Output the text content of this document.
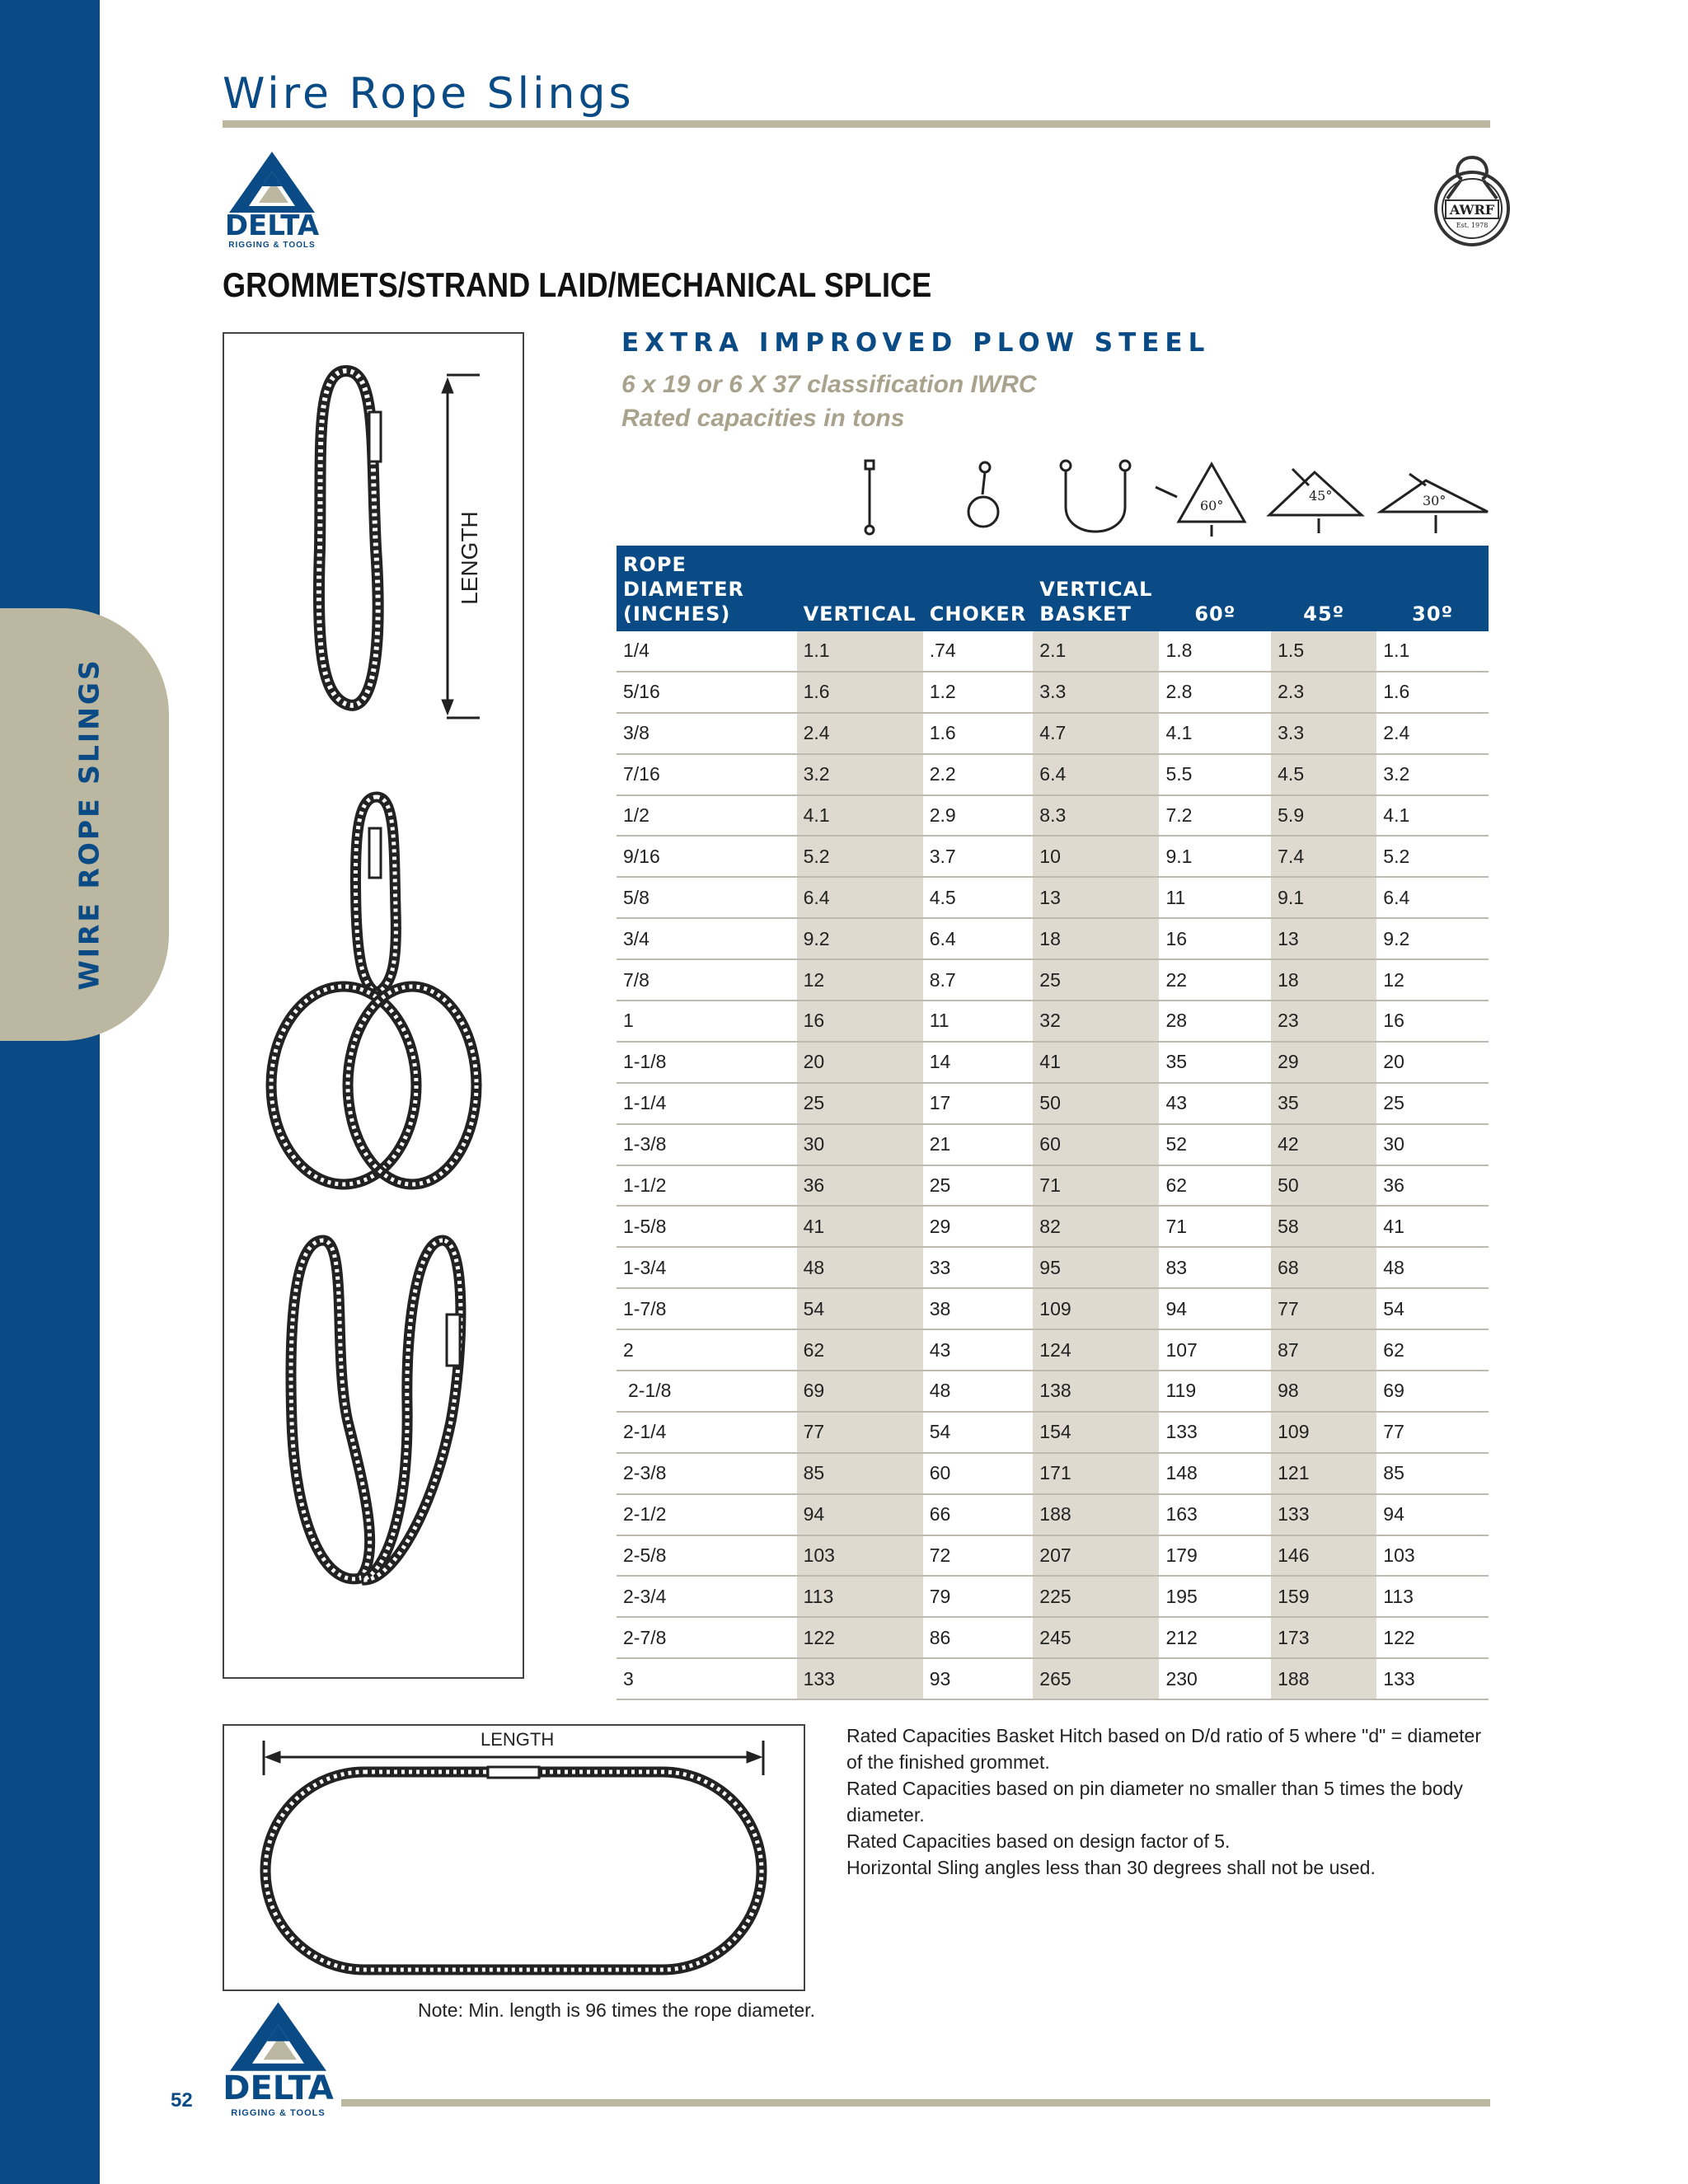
WIRE ROPE SLINGS
Wire Rope Slings
DELTA
RIGGING & TOOLS
AWRF
Est. 1978
GROMMETS/STRAND LAID/MECHANICAL SPLICE
EXTRA IMPROVED PLOW STEEL
6 x 19 or 6 X 37 classification IWRC
Rated capacities in tons
LENGTH
60°
45°	30°
ROPE DIAMETER
(INCHES)	VERTICAL	CHOKER	VERTICAL
BASKET	60º	45º	30º
1/4	1.1	.74	2.1	1.8	1.5	1.1
5/16	1.6	1.2	3.3	2.8	2.3	1.6
3/8	2.4	1.6	4.7	4.1	3.3	2.4
7/16	3.2	2.2	6.4	5.5	4.5	3.2
1/2	4.1	2.9	8.3	7.2	5.9	4.1
9/16	5.2	3.7	10	9.1	7.4	5.2
5/8	6.4	4.5	13	11	9.1	6.4
3/4	9.2	6.4	18	16	13	9.2
7/8	12	8.7	25	22	18	12
1	16	11	32	28	23	16
1-1/8	20	14	41	35	29	20
1-1/4	25	17	50	43	35	25
1-3/8	30	21	60	52	42	30
1-1/2	36	25	71	62	50	36
1-5/8	41	29	82	71	58	41
1-3/4	48	33	95	83	68	48
1-7/8	54	38	109	94	77	54
2	62	43	124	107	87	62
2-1/8	69	48	138	119	98	69
2-1/4	77	54	154	133	109	77
2-3/8	85	60	171	148	121	85
2-1/2	94	66	188	163	133	94
2-5/8	103	72	207	179	146	103
2-3/4	113	79	225	195	159	113
2-7/8	122	86	245	212	173	122
3	133	93	265	230	188	133
LENGTH	Rated Capacities Basket Hitch based on D/d ratio of 5 where "d" = diameter of the finished grommet.

Rated Capacities based on pin diameter no smaller than 5 times the body diameter.

Rated Capacities based on design factor of 5.

Horizontal Sling angles less than 30 degrees shall not be used.

Note: Min. length is 96 times the rope diameter.
DELTA
RIGGING & TOOLS
52
